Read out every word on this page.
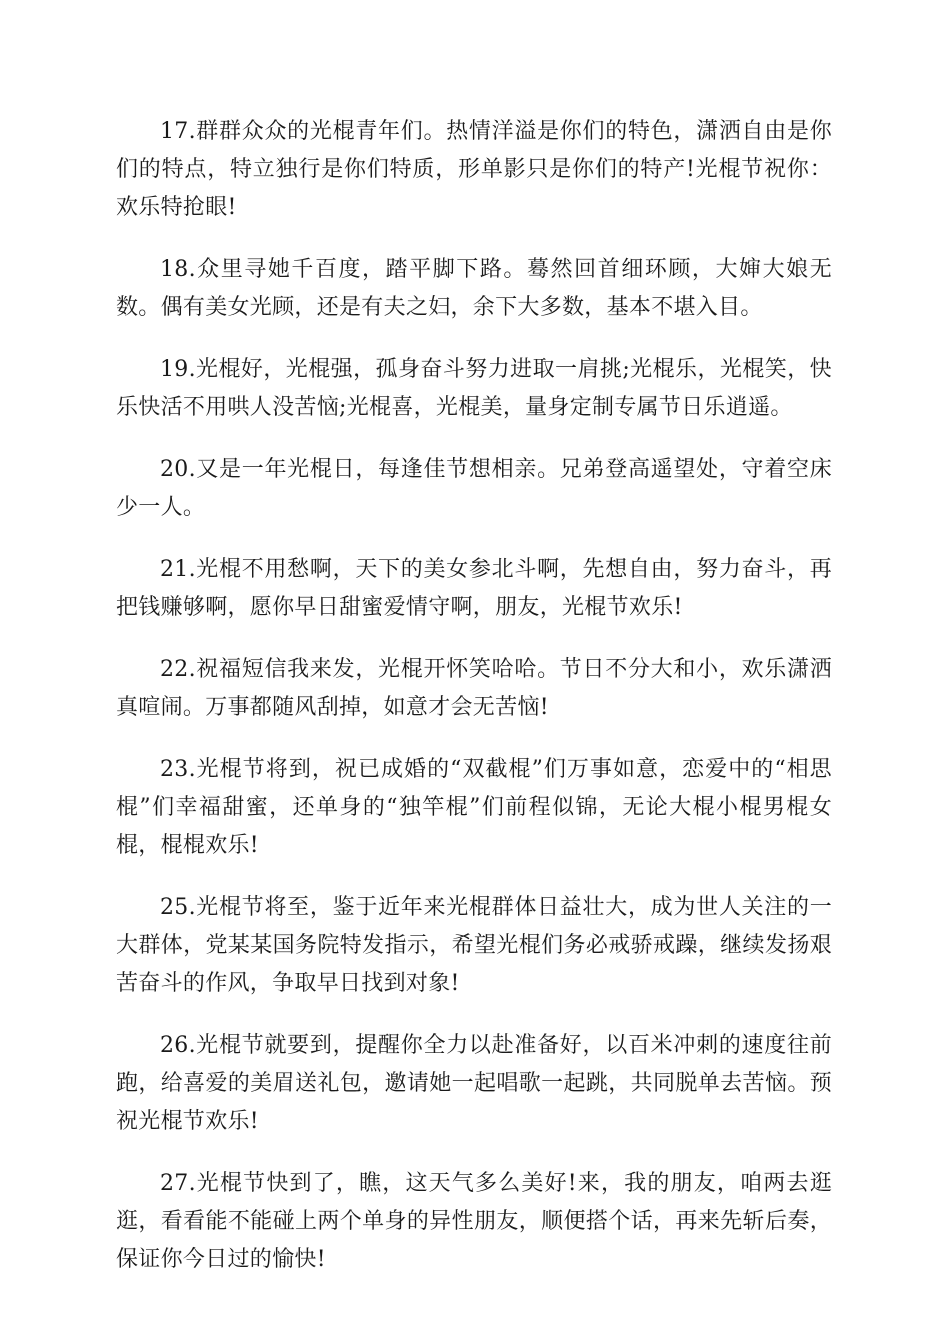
17.群群众众的光棍青年们。热情洋溢是你们的特色，潇洒自由是你们的特点，特立独行是你们特质，形单影只是你们的特产!光棍节祝你：欢乐特抢眼!

18.众里寻她千百度，踏平脚下路。蓦然回首细环顾，大婶大娘无数。偶有美女光顾，还是有夫之妇，余下大多数，基本不堪入目。

19.光棍好，光棍强，孤身奋斗努力进取一肩挑;光棍乐，光棍笑，快乐快活不用哄人没苦恼;光棍喜，光棍美，量身定制专属节日乐逍遥。

20.又是一年光棍日，每逢佳节想相亲。兄弟登高遥望处，守着空床少一人。

21.光棍不用愁啊，天下的美女参北斗啊，先想自由，努力奋斗，再把钱赚够啊，愿你早日甜蜜爱情守啊，朋友，光棍节欢乐!

22.祝福短信我来发，光棍开怀笑哈哈。节日不分大和小，欢乐潇洒真喧闹。万事都随风刮掉，如意才会无苦恼!

23.光棍节将到，祝已成婚的“双截棍”们万事如意，恋爱中的“相思棍”们幸福甜蜜，还单身的“独竿棍”们前程似锦，无论大棍小棍男棍女棍，棍棍欢乐!

25.光棍节将至，鉴于近年来光棍群体日益壮大，成为世人关注的一大群体，党某某国务院特发指示，希望光棍们务必戒骄戒躁，继续发扬艰苦奋斗的作风，争取早日找到对象!

26.光棍节就要到，提醒你全力以赴准备好，以百米冲刺的速度往前跑，给喜爱的美眉送礼包，邀请她一起唱歌一起跳，共同脱单去苦恼。预祝光棍节欢乐!

27.光棍节快到了，瞧，这天气多么美好!来，我的朋友，咱两去逛逛，看看能不能碰上两个单身的异性朋友，顺便搭个话，再来先斩后奏，保证你今日过的愉快!
